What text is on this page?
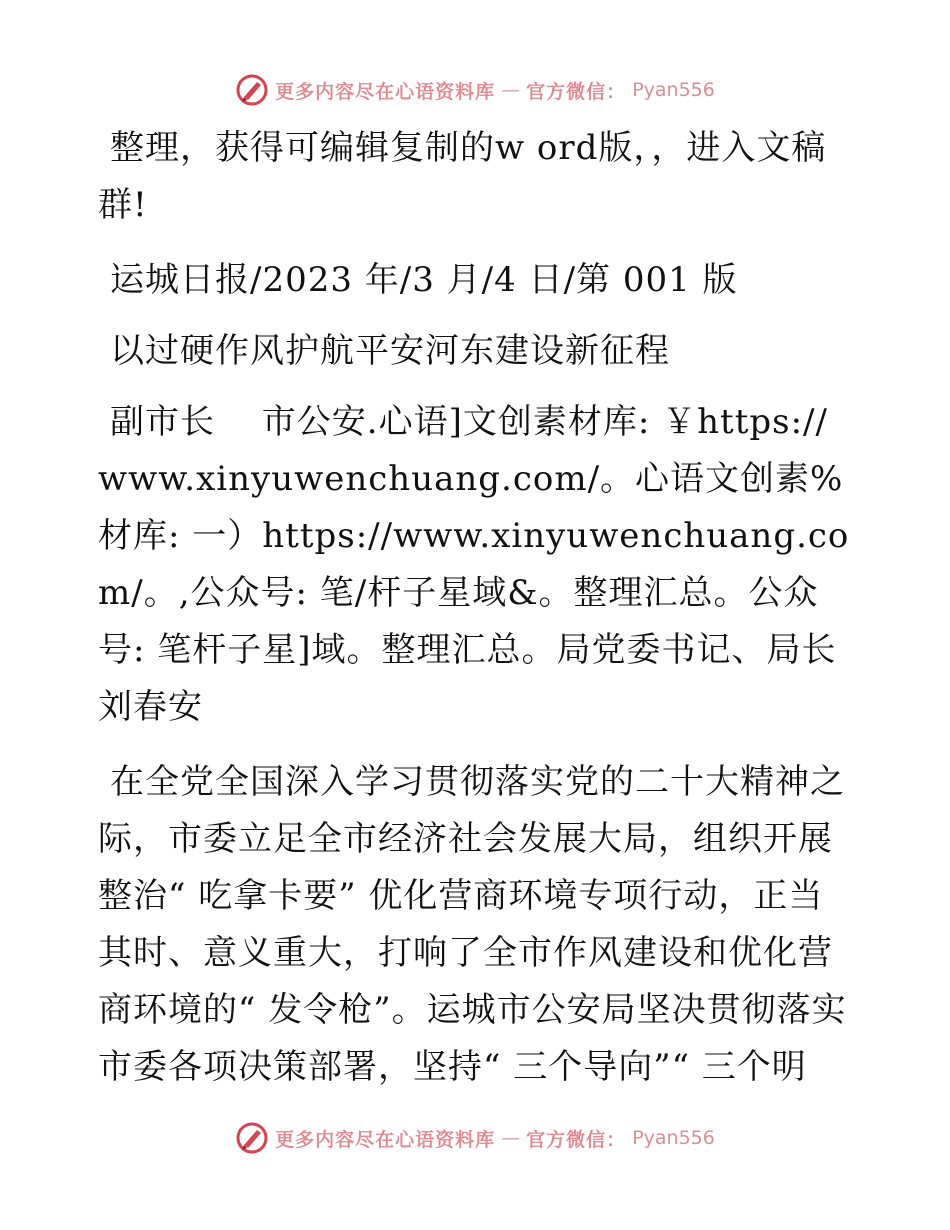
更多内容尽在心语资料库 — 官方微信： Pyan556

整理，获得可编辑复制的w ord版，，进入文稿群!

运城日报/2023 年/3 月/4 日/第 001 版

以过硬作风护航平安河东建设新征程

副市长　 市公安.心语]文创素材库: ￥https://www.xinyuwenchuang.com/。心语文创素%材库: 一）https://www.xinyuwenchuang.com/。,公众号: 笔/杆子星域&。整理汇总。公众号: 笔杆子星]域。整理汇总。局党委书记、局长　刘春安

在全党全国深入学习贯彻落实党的二十大精神之际，市委立足全市经济社会发展大局，组织开展整治“ 吃拿卡要” 优化营商环境专项行动，正当其时、意义重大，打响了全市作风建设和优化营商环境的“ 发令枪”。运城市公安局坚决贯彻落实市委各项决策部署，坚持“ 三个导向”“ 三个明

更多内容尽在心语资料库 — 官方微信： Pyan556
